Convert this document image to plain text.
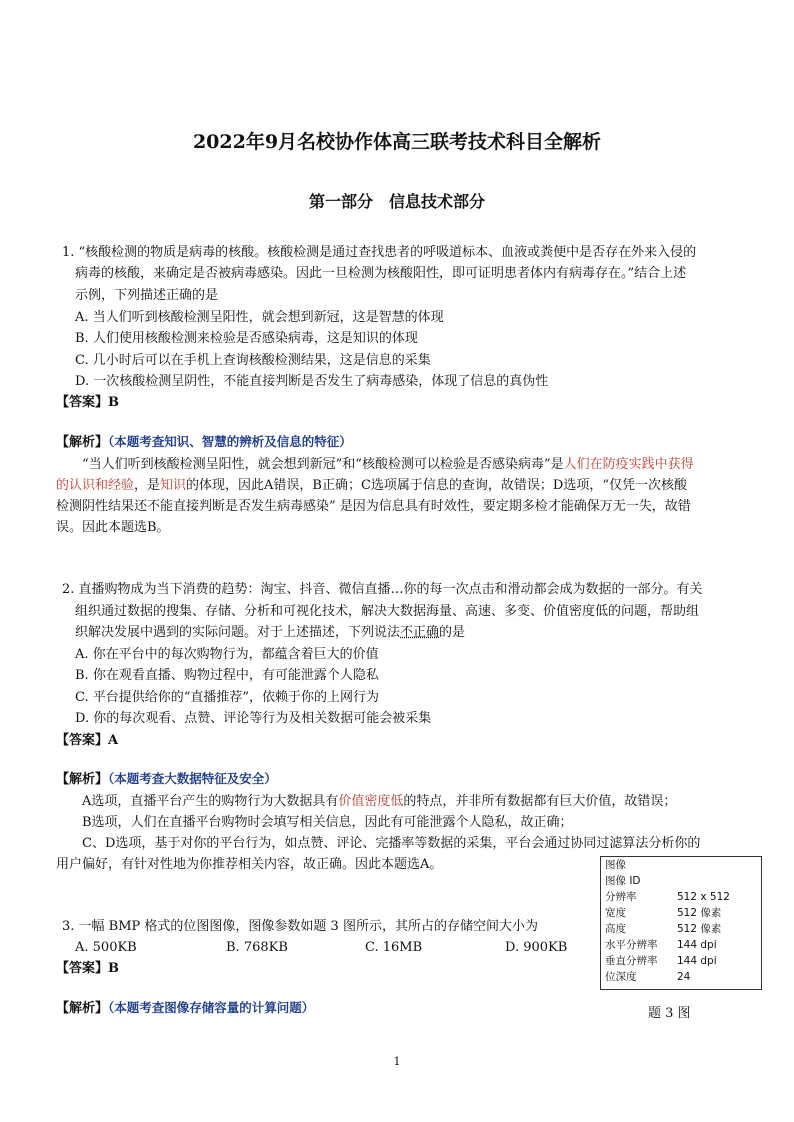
2022年9月名校协作体高三联考技术科目全解析
第一部分　信息技术部分
1. “核酸检测的物质是病毒的核酸。核酸检测是通过查找患者的呼吸道标本、血液或粪便中是否存在外来入侵的
病毒的核酸，来确定是否被病毒感染。因此一旦检测为核酸阳性，即可证明患者体内有病毒存在。”结合上述
示例，下列描述正确的是
A. 当人们听到核酸检测呈阳性，就会想到新冠，这是智慧的体现
B. 人们使用核酸检测来检验是否感染病毒，这是知识的体现
C. 几小时后可以在手机上查询核酸检测结果，这是信息的采集
D. 一次核酸检测呈阴性，不能直接判断是否发生了病毒感染，体现了信息的真伪性
【答案】B
【解析】（本题考查知识、智慧的辨析及信息的特征）
“当人们听到核酸检测呈阳性，就会想到新冠”和“核酸检测可以检验是否感染病毒”是人们在防疫实践中获得
的认识和经验，是知识的体现，因此A错误，B正确；C选项属于信息的查询，故错误；D选项，“仅凭一次核酸
检测阴性结果还不能直接判断是否发生病毒感染” 是因为信息具有时效性，要定期多检才能确保万无一失，故错
误。因此本题选B。
2. 直播购物成为当下消费的趋势：淘宝、抖音、微信直播…你的每一次点击和滑动都会成为数据的一部分。有关
组织通过数据的搜集、存储、分析和可视化技术，解决大数据海量、高速、多变、价值密度低的问题，帮助组
织解决发展中遇到的实际问题。对于上述描述，下列说法不正确的是
A. 你在平台中的每次购物行为，都蕴含着巨大的价值
B. 你在观看直播、购物过程中，有可能泄露个人隐私
C. 平台提供给你的“直播推荐”，依赖于你的上网行为
D. 你的每次观看、点赞、评论等行为及相关数据可能会被采集
【答案】A
【解析】（本题考查大数据特征及安全）
A选项，直播平台产生的购物行为大数据具有价值密度低的特点，并非所有数据都有巨大价值，故错误；
B选项，人们在直播平台购物时会填写相关信息，因此有可能泄露个人隐私，故正确；
C、D选项，基于对你的平台行为，如点赞、评论、完播率等数据的采集，平台会通过协同过滤算法分析你的
用户偏好，有针对性地为你推荐相关内容，故正确。因此本题选A。
3. 一幅 BMP 格式的位图图像，图像参数如题 3 图所示，其所占的存储空间大小为
A. 500KB	B. 768KB	C. 16MB	D. 900KB
【答案】B
【解析】（本题考查图像存储容量的计算问题）
图像
图像 ID
分辨率	512 x 512
宽度	512 像素
高度	512 像素
水平分辨率 144 dpi
垂直分辨率 144 dpi
位深度	24
题 3 图
1
